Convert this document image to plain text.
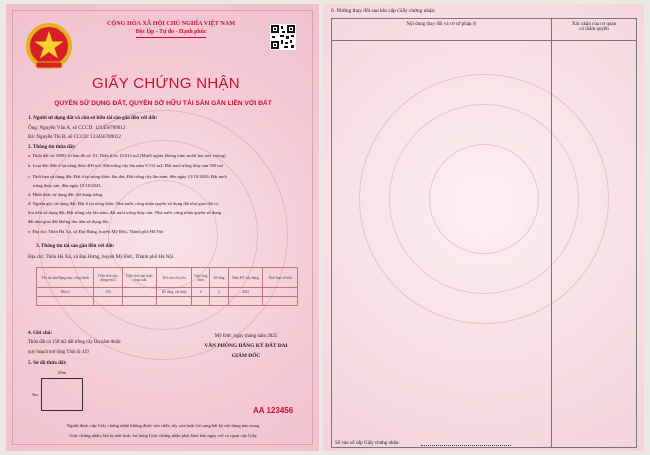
CỘNG HÒA XÃ HỘI CHỦ NGHĨA VIỆT NAM
Độc lập - Tự do - Hạnh phúc
GIẤY CHỨNG NHẬN
QUYỀN SỬ DỤNG ĐẤT, QUYỀN SỞ HỮU TÀI SẢN GẮN LIỀN VỚI ĐẤT
1. Người sử dụng đất và chủ sở hữu tài sản gắn liền với đất:
Ông: Nguyễn Văn A, số CCCD: 123456789012
Bà: Nguyễn Thị B, số CCCD: 123456789012
2. Thông tin thửa đất:
a. Thửa đất số: 0000; tờ bản đồ số: 01; Diện tích: 10.012 m2 (Mười nghìn không trăm mười hai mét vuông)
b. Loại đất: Đất ở tại nông thôn 400 m2; Đất trồng cây lâu năm 9.112 m2; Đất nuôi trồng thủy sản 500 m2
c. Thời hạn sử dụng đất: Đất ở tại nông thôn: lâu dài; Đất trồng cây lâu năm, đến ngày 15/10/2043; Đất nuôi
trồng thủy sản: đến ngày 15/10/2043.
d. Hình thức sử dụng đất: Sử dụng riêng.
đ. Nguồn gốc sử dụng đất: Đất ở tại nông thôn: Nhà nước công nhận quyền sử dụng đất như giao đất có
thu tiền sử dụng đất; Đất trồng cây lâu năm, đất nuôi trồng thủy sản: Nhà nước công nhận quyền sử dụng
đất như giao đất không thu tiền sử dụng đất.
e. Địa chỉ: Thôn Hà Xá, xã Đại Hưng, huyện Mỹ Đức, Thành phố Hà Nội
3. Thông tin tài sản gắn liền với đất:
Địa chỉ: Thôn Hà Xá, xã Đại Hưng, huyện Mỹ Đức, Thành phố Hà Nội
Tên tài sản/Hạng mục công trình	Diện tích xây dựng (m2)	Diện tích sàn hoặc công suất	Kết cấu chủ yếu	Cấp công trình	Số tầng	Năm HT xây dựng	Thời hạn sở hữu
Nhà ở	150		Bê tông, cốt thép	4	2	2023	

4. Ghi chú:
Thửa đất có 150 m2 đất trồng cây lâu năm thuộc
quy hoạch mở rộng Tỉnh lộ 419
Mỹ Đức, ngày tháng năm 2025
VĂN PHÒNG ĐĂNG KÝ ĐẤT ĐAI
GIÁM ĐỐC
5. Sơ đồ thửa đất:
20m
5m
AA 123456
Người được cấp Giấy chứng nhận không được sửa chữa, tẩy xóa hoặc bổ sung bất kỳ nội dung nào trong
Giấy chứng nhận; khi bị mất hoặc hư hỏng Giấy chứng nhận phải khai báo ngay với cơ quan cấp Giấy
6. Những thay đổi sau khi cấp Giấy chứng nhận:
Nội dung thay đổi và cơ sở pháp lý	Xác nhận của cơ quan
có thẩm quyền

Số vào sổ cấp Giấy chứng nhận:
